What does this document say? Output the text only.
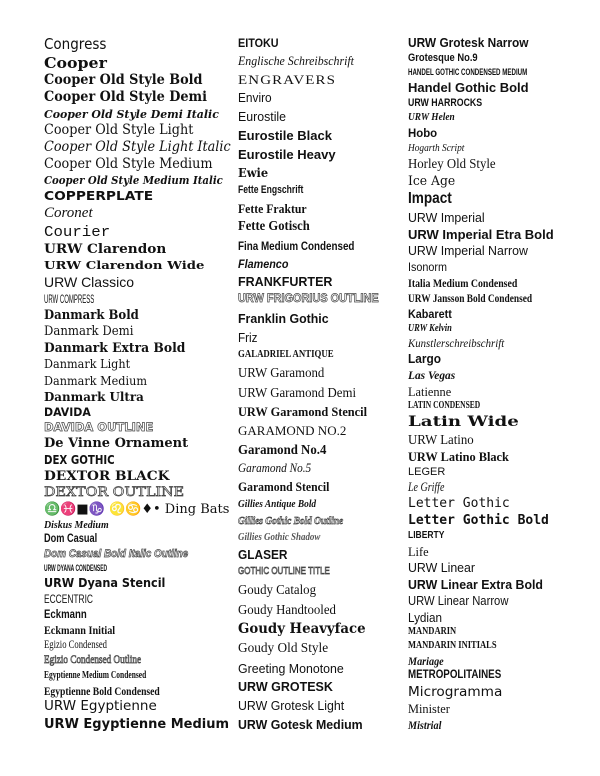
Congress
Cooper
Cooper Old Style Bold
Cooper Old Style Demi
Cooper Old Style Demi Italic
Cooper Old Style Light
Cooper Old Style Light Italic
Cooper Old Style Medium
Cooper Old Style Medium Italic
COPPERPLATE
Coronet
Courier
URW Clarendon
URW Clarendon Wide
URW Classico
URW COMPRESS
Danmark Bold
Danmark Demi
Danmark Extra Bold
Danmark Light
Danmark Medium
Danmark Ultra
DAVIDA
DAVIDA OUTLINE
De Vinne Ornament
DEX GOTHIC
DEXTOR BLACK
DEXTOR OUTLINE
♎♓■♑ ♌♋♦• Ding Bats
Diskus Medium
Dom Casual
Dom Casual Bold Italic Outline
URW DYANA CONDENSED
URW Dyana Stencil
ECCENTRIC
Eckmann
Eckmann Initial
Egizio Condensed
Egizio Condensed Outline
Egyptienne Medium Condensed
Egyptienne Bold Condensed
URW Egyptienne
URW Egyptienne Medium
EITOKU
Englische Schreibschrift
ENGRAVERS
Enviro
Eurostile
Eurostile Black
Eurostile Heavy
Ewie
Fette Engschrift
Fette Fraktur
Fette Gotisch
Fina Medium Condensed
Flamenco
FRANKFURTER
URW FRIGORIUS OUTLINE
Franklin Gothic
Friz
GALADRIEL ANTIQUE
URW Garamond
URW Garamond Demi
URW Garamond Stencil
GARAMOND NO.2
Garamond No.4
Garamond No.5
Garamond Stencil
Gillies Antique Bold
Gillies Gothic Bold Outline
Gillies Gothic Shadow
GLASER
GOTHIC OUTLINE TITLE
Goudy Catalog
Goudy Handtooled
Goudy Heavyface
Goudy Old Style
Greeting Monotone
URW GROTESK
URW Grotesk Light
URW Gotesk Medium
URW Grotesk Narrow
Grotesque No.9
HANDEL GOTHIC CONDENSED MEDIUM
Handel Gothic Bold
URW HARROCKS
URW Helen
Hobo
Hogarth Script
Horley Old Style
Ice Age
Impact
URW Imperial
URW Imperial Etra Bold
URW Imperial Narrow
Isonorm
Italia Medium Condensed
URW Jansson Bold Condensed
Kabarett
URW Kelvin
Kunstlerschreibschrift
Largo
Las Vegas
Latienne
LATIN CONDENSED
Latin Wide
URW Latino
URW Latino Black
LEGER
Le Griffe
Letter Gothic
Letter Gothic Bold
LIBERTY
Life
URW Linear
URW Linear Extra Bold
URW Linear Narrow
Lydian
MANDARIN
MANDARIN INITIALS
Mariage
METROPOLITAINES
Microgramma
Minister
Mistrial
